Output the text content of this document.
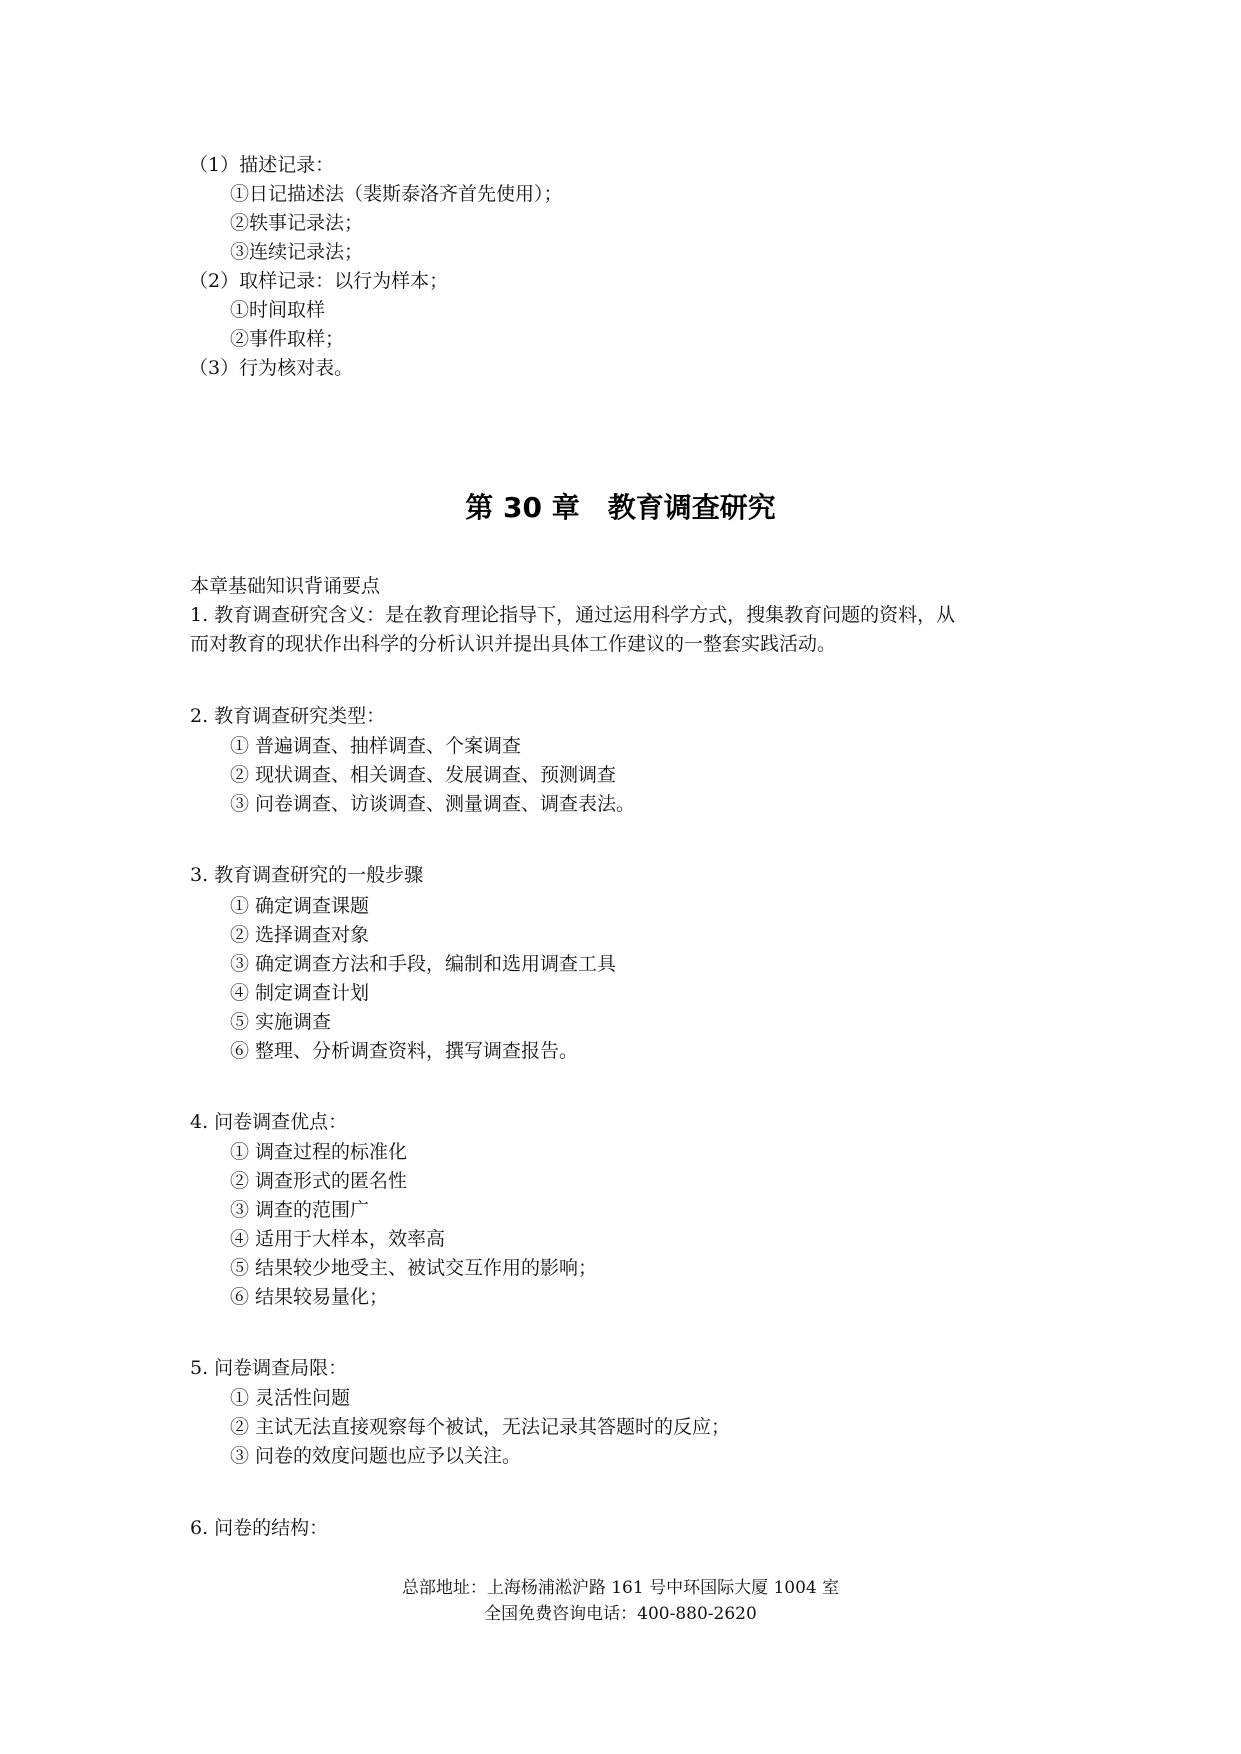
（1）描述记录：
①日记描述法（裴斯泰洛齐首先使用）；
②轶事记录法；
③连续记录法；
（2）取样记录：以行为样本；
①时间取样
②事件取样；
（3）行为核对表。
第 30 章　教育调查研究
本章基础知识背诵要点
1. 教育调查研究含义：是在教育理论指导下，通过运用科学方式，搜集教育问题的资料，从
而对教育的现状作出科学的分析认识并提出具体工作建议的一整套实践活动。
2. 教育调查研究类型：
① 普遍调查、抽样调查、个案调查
② 现状调查、相关调查、发展调查、预测调查
③ 问卷调查、访谈调查、测量调查、调查表法。
3. 教育调查研究的一般步骤
① 确定调查课题
② 选择调查对象
③ 确定调查方法和手段，编制和选用调查工具
④ 制定调查计划
⑤ 实施调查
⑥ 整理、分析调查资料，撰写调查报告。
4. 问卷调查优点：
① 调查过程的标准化
② 调查形式的匿名性
③ 调查的范围广
④ 适用于大样本，效率高
⑤ 结果较少地受主、被试交互作用的影响；
⑥ 结果较易量化；
5. 问卷调查局限：
① 灵活性问题
② 主试无法直接观察每个被试，无法记录其答题时的反应；
③ 问卷的效度问题也应予以关注。
6. 问卷的结构：
总部地址：上海杨浦淞沪路 161 号中环国际大厦 1004 室
全国免费咨询电话：400-880-2620
